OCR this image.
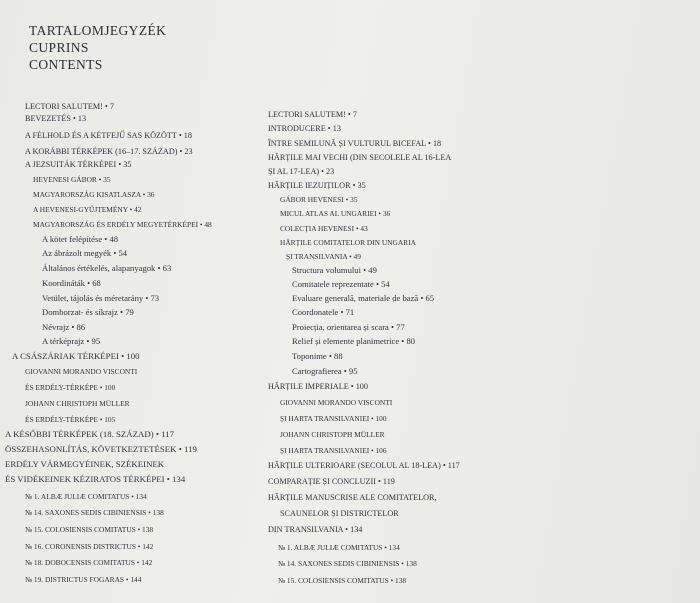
TARTALOMJEGYZÉK
CUPRINS
CONTENTS
LECTORI SALUTEM! • 7
BEVEZETÉS • 13
A FÉLHOLD ÉS A KÉTFEJŰ SAS KÖZÖTT • 18
A KORÁBBI TÉRKÉPEK (16–17. SZÁZAD) • 23
A JEZSUITÁK TÉRKÉPEI • 35
HEVENESI GÁBOR • 35
MAGYARORSZÁG KISATLASZA • 36
A HEVENESI-GYŰJTEMÉNY • 42
MAGYARORSZÁG ÉS ERDÉLY MEGYETÉRKÉPEI • 48
A kötet felépítése • 48
Az ábrázolt megyék • 54
Általános értékelés, alapanyagok • 63
Koordináták • 68
Vetület, tájolás és méretarány • 73
Domborzat- és síkrajz • 79
Névrajz • 86
A térképrajz • 95
A CSÁSZÁRIAK TÉRKÉPEI • 100
GIOVANNI MORANDO VISCONTI
ÉS ERDÉLY-TÉRKÉPE • 100
JOHANN CHRISTOPH MÜLLER
ÉS ERDÉLY-TÉRKÉPE • 105
A KÉSŐBBI TÉRKÉPEK (18. SZÁZAD) • 117
ÖSSZEHASONLÍTÁS, KÖVETKEZTETÉSEK • 119
ERDÉLY VÁRMEGYÉINEK, SZÉKEINEK
ÉS VIDÉKEINEK KÉZIRATOS TÉRKÉPEI • 134
№ 1. ALBÆ JULIÆ COMITATUS • 134
№ 14. SAXONES SEDIS CIBINIENSIS • 138
№ 15. COLOSIENSIS COMITATUS • 138
№ 16. CORONENSIS DISTRICTUS • 142
№ 18. DOBOCENSIS COMITATUS • 142
№ 19. DISTRICTUS FOGARAS • 144
LECTORI SALUTEM! • 7
INTRODUCERE • 13
ÎNTRE SEMILUNĂ ȘI VULTURUL BICEFAL • 18
HĂRȚILE MAI VECHI (DIN SECOLELE AL 16-LEA
ȘI AL 17-LEA) • 23
HĂRȚILE IEZUIȚILOR • 35
GÁBOR HEVENESI • 35
MICUL ATLAS AL UNGARIEI • 36
COLECȚIA HEVENESI • 43
HĂRȚILE COMITATELOR DIN UNGARIA
ȘI TRANSILVANIA • 49
Structura volumului • 49
Comitatele reprezentate • 54
Evaluare generală, materiale de bază • 65
Coordonatele • 71
Proiecția, orientarea și scara • 77
Relief și elemente planimetrice • 80
Toponime • 88
Cartografierea • 95
HĂRȚILE IMPERIALE • 100
GIOVANNI MORANDO VISCONTI
ȘI HARTA TRANSILVANIEI • 100
JOHANN CHRISTOPH MÜLLER
ȘI HARTA TRANSILVANIEI • 106
HĂRȚILE ULTERIOARE (SECOLUL AL 18-LEA) • 117
COMPARAȚIE ȘI CONCLUZII • 119
HĂRȚILE MANUSCRISE ALE COMITATELOR,
SCAUNELOR ȘI DISTRICTELOR
DIN TRANSILVANIA • 134
№ 1. ALBÆ JULIÆ COMITATUS • 134
№ 14. SAXONES SEDIS CIBINIENSIS • 138
№ 15. COLOSIENSIS COMITATUS • 138
